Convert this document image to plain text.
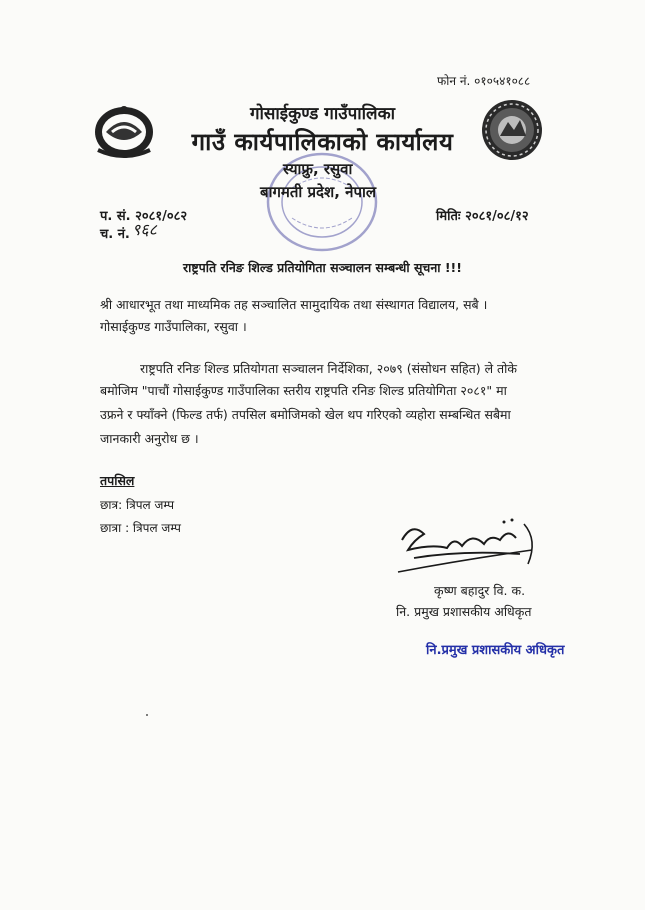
फोन नं. ०१०५४१०८८
गोसाईकुण्ड गाउँपालिका
गाउँ कार्यपालिकाको कार्यालय
स्याफ्रु, रसुवा
बागमती प्रदेश, नेपाल
प. सं. २०८१/०८२
च. नं. ९६८
मितिः २०८१/०८/१२
राष्ट्रपति रनिङ शिल्ड प्रतियोगिता सञ्चालन सम्बन्धी सूचना !!!
श्री आधारभूत तथा माध्यमिक तह सञ्चालित सामुदायिक तथा संस्थागत विद्यालय, सबै ।
गोसाईकुण्ड गाउँपालिका, रसुवा ।
राष्ट्रपति रनिङ शिल्ड प्रतियोगता सञ्चालन निर्देशिका, २०७९ (संसोधन सहित) ले तोके
बमोजिम "पाचौं गोसाईकुण्ड गाउँपालिका स्तरीय राष्ट्रपति रनिङ शिल्ड प्रतियोगिता २०८१" मा
उफ्रने र फ्याँक्ने (फिल्ड तर्फ) तपसिल बमोजिमको खेल थप गरिएको व्यहोरा सम्बन्धित सबैमा
जानकारी अनुरोध छ ।
तपसिल
छात्र: त्रिपल जम्प
छात्रा : त्रिपल जम्प
कृष्ण बहादुर वि. क.
नि. प्रमुख प्रशासकीय अधिकृत
नि.प्रमुख प्रशासकीय अधिकृत
